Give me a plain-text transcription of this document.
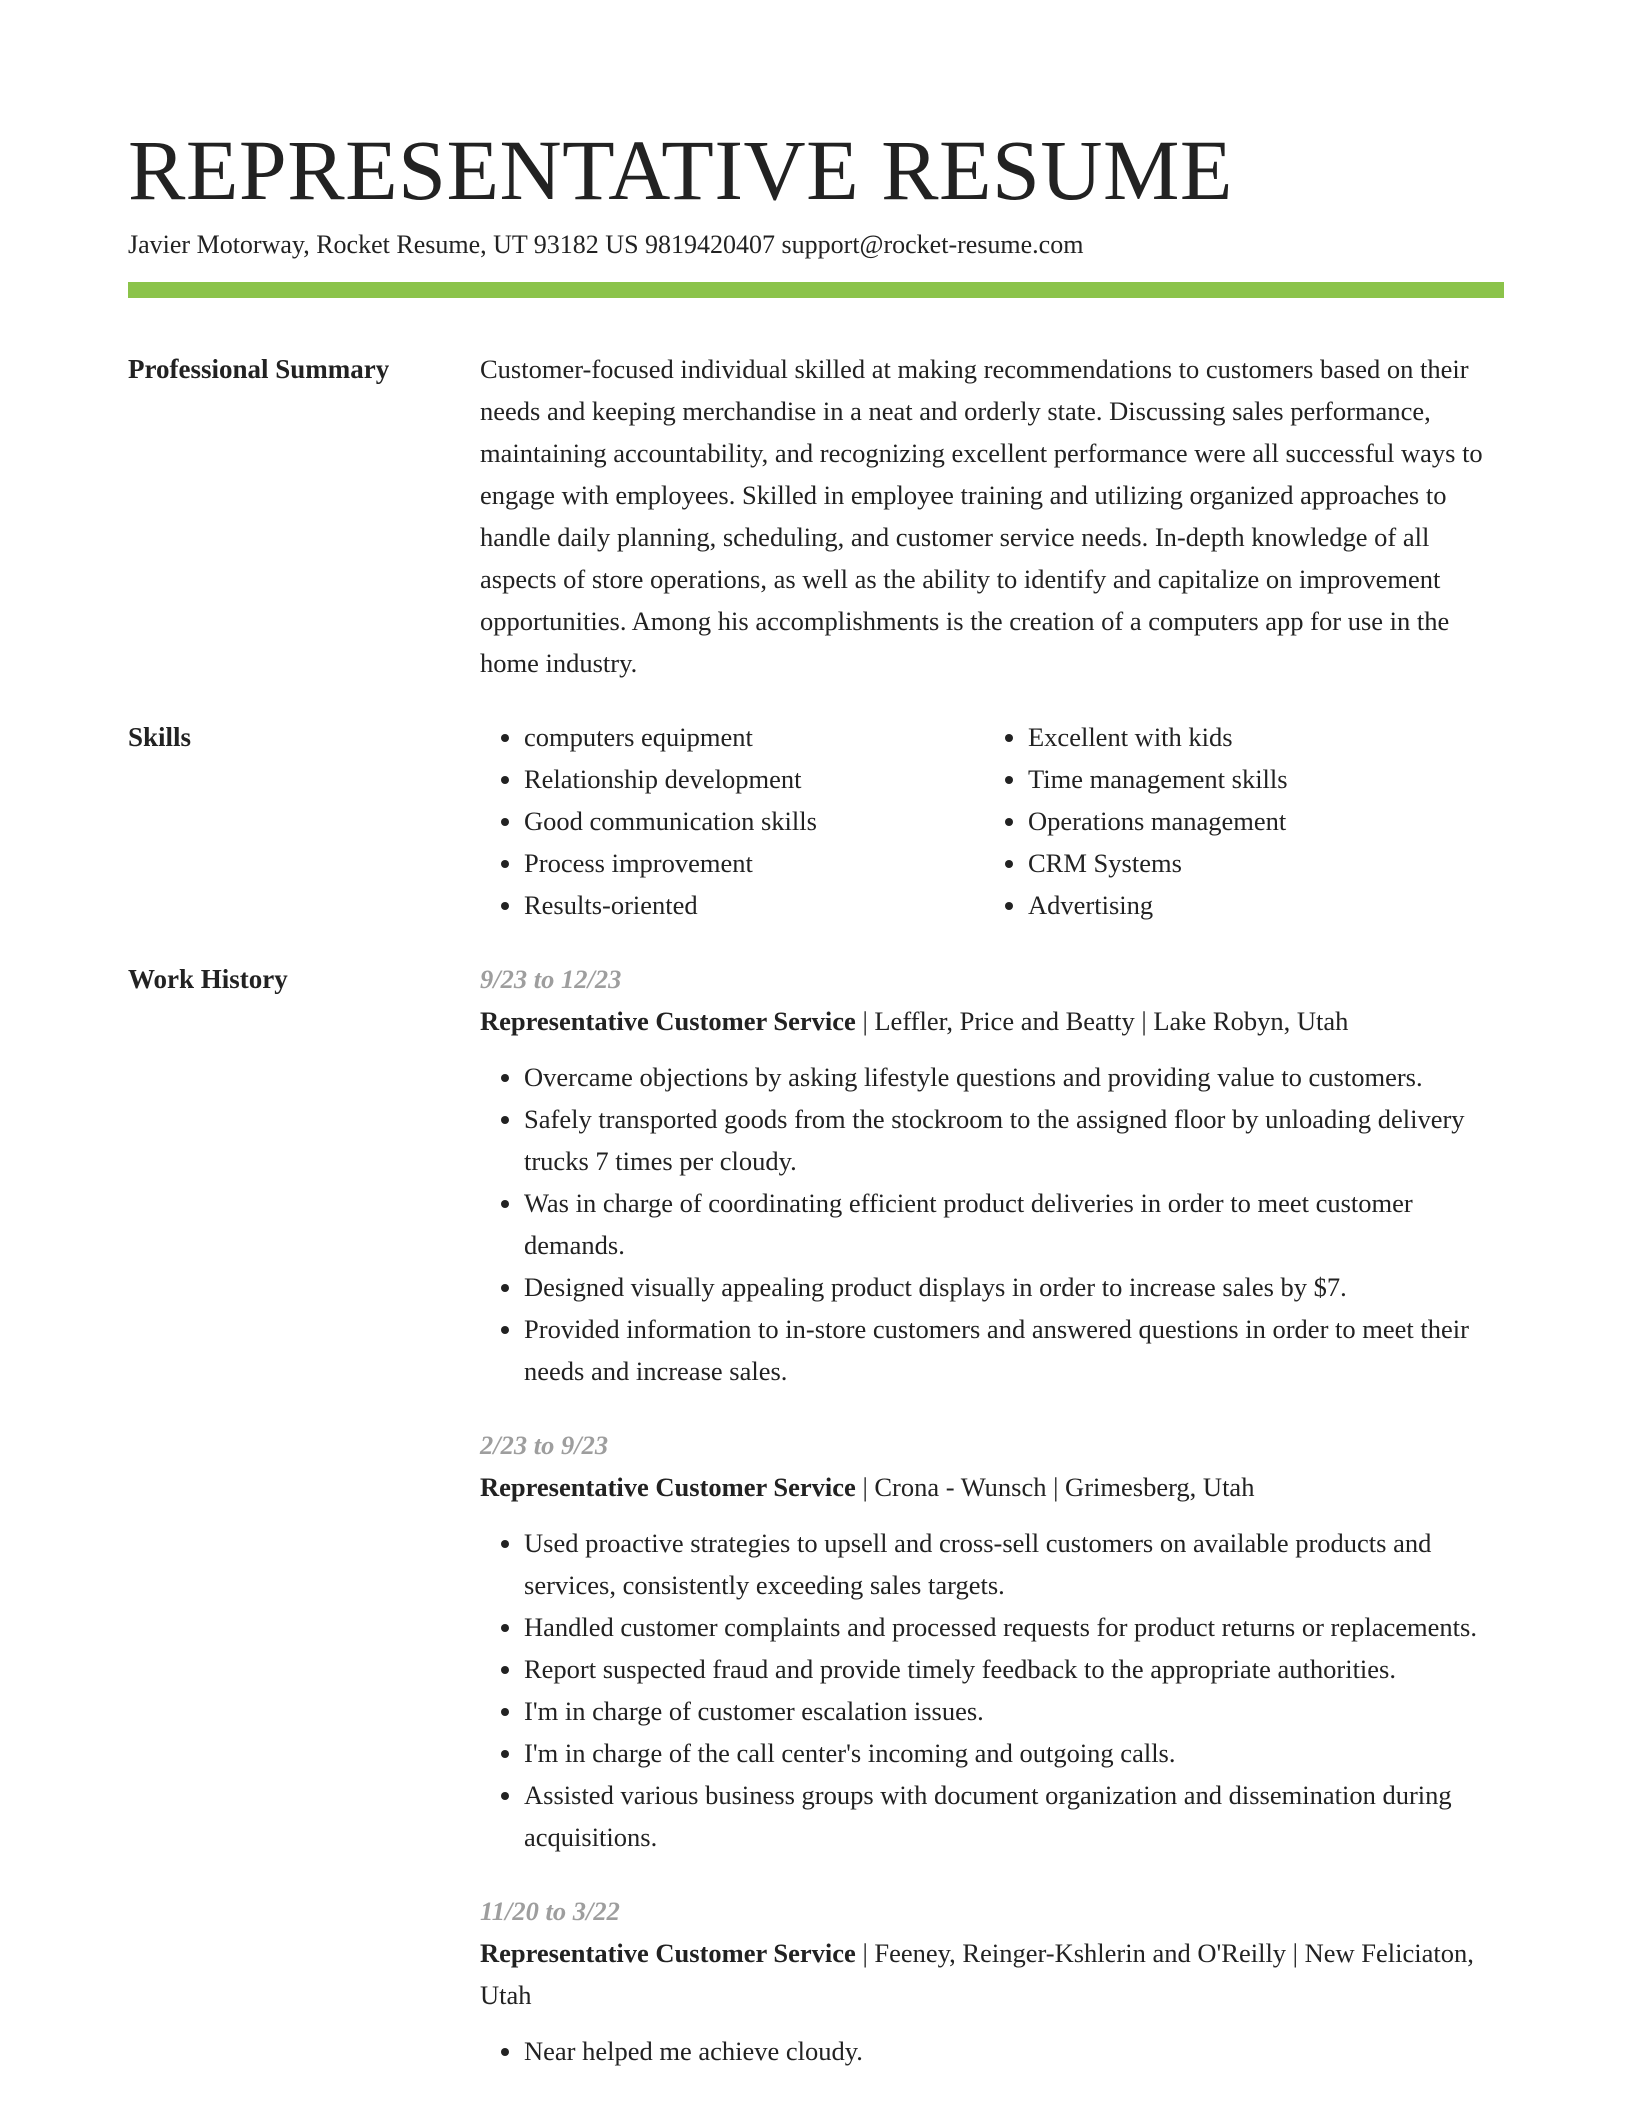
REPRESENTATIVE RESUME
Javier Motorway, Rocket Resume, UT 93182 US 9819420407 support@rocket-resume.com
Professional Summary	Customer-focused individual skilled at making recommendations to customers based on their needs and keeping merchandise in a neat and orderly state. Discussing sales performance, maintaining accountability, and recognizing excellent performance were all successful ways to engage with employees. Skilled in employee training and utilizing organized approaches to handle daily planning, scheduling, and customer service needs. In-depth knowledge of all aspects of store operations, as well as the ability to identify and capitalize on improvement opportunities. Among his accomplishments is the creation of a computers app for use in the home industry.

Skills
•	computers equipment
• Relationship development
• Good communication skills
• Process improvement
• Results-oriented
• Excellent with kids
• Time management skills
• Operations management
• CRM Systems
• Advertising
Work History	9/23 to 12/23
Representative Customer Service | Leffler, Price and Beatty | Lake Robyn, Utah
• Overcame objections by asking lifestyle questions and providing value to customers.
• Safely transported goods from the stockroom to the assigned floor by unloading delivery trucks 7 times per cloudy.
• Was in charge of coordinating efficient product deliveries in order to meet customer demands.
• Designed visually appealing product displays in order to increase sales by $7.
• Provided information to in-store customers and answered questions in order to meet their needs and increase sales.
2/23 to 9/23
Representative Customer Service | Crona - Wunsch | Grimesberg, Utah
• Used proactive strategies to upsell and cross-sell customers on available products and services, consistently exceeding sales targets.
• Handled customer complaints and processed requests for product returns or replacements.
• Report suspected fraud and provide timely feedback to the appropriate authorities.
• I'm in charge of customer escalation issues.
• I'm in charge of the call center's incoming and outgoing calls.
• Assisted various business groups with document organization and dissemination during acquisitions.
11/20 to 3/22
Representative Customer Service | Feeney, Reinger-Kshlerin and O'Reilly | New Feliciaton, Utah
• Near helped me achieve cloudy.
